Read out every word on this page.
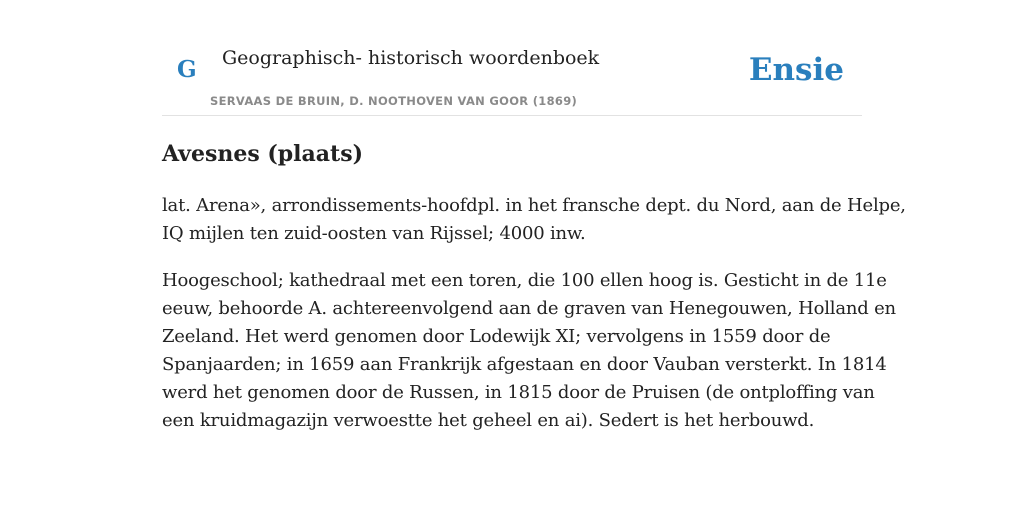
G	Geographisch- historisch woordenboek
SERVAAS DE BRUIN, D. NOOTHOVEN VAN GOOR (1869)
Ensie
Avesnes (plaats)

lat. Arena», arrondissements-hoofdpl. in het fransche dept. du Nord, aan de Helpe,
IQ mijlen ten zuid-oosten van Rijssel; 4000 inw.

Hoogeschool; kathedraal met een toren, die 100 ellen hoog is. Gesticht in de 11e
eeuw, behoorde A. achtereenvolgend aan de graven van Henegouwen, Holland en
Zeeland. Het werd genomen door Lodewijk XI; vervolgens in 1559 door de
Spanjaarden; in 1659 aan Frankrijk afgestaan en door Vauban versterkt. In 1814
werd het genomen door de Russen, in 1815 door de Pruisen (de ontploffing van
een kruidmagazijn verwoestte het geheel en ai). Sedert is het herbouwd.
